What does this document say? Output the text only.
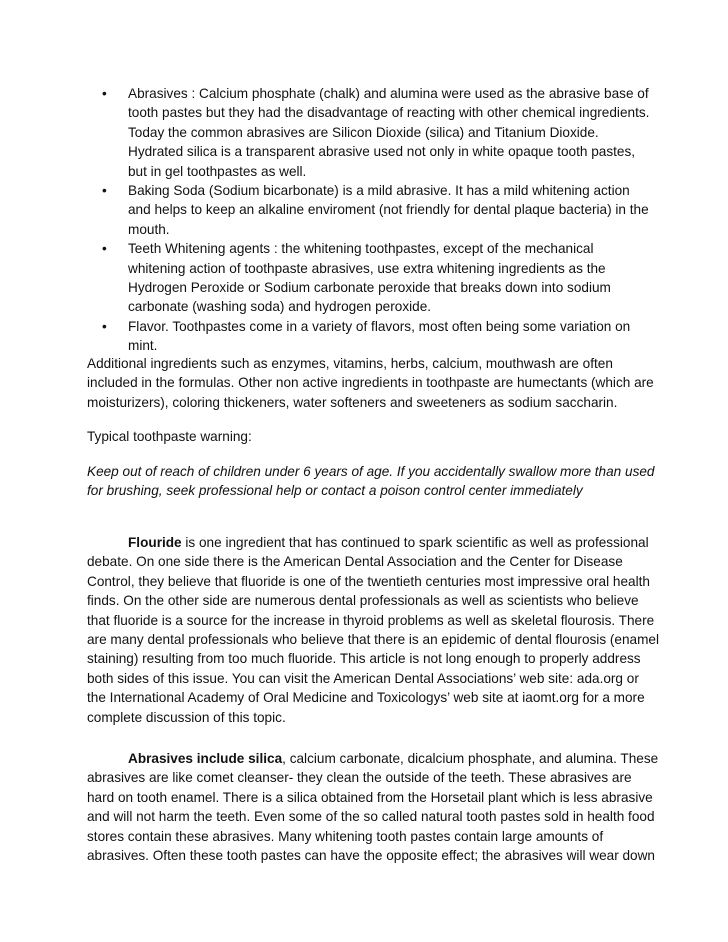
•	Abrasives : Calcium phosphate (chalk) and alumina were used as the abrasive base of tooth pastes but they had the disadvantage of reacting with other chemical ingredients. Today the common abrasives are Silicon Dioxide (silica) and Titanium Dioxide. Hydrated silica is a transparent abrasive used not only in white opaque tooth pastes, but in gel toothpastes as well.
•	Baking Soda (Sodium bicarbonate) is a mild abrasive. It has a mild whitening action and helps to keep an alkaline enviroment (not friendly for dental plaque bacteria) in the mouth.
•	Teeth Whitening agents : the whitening toothpastes, except of the mechanical whitening action of toothpaste abrasives, use extra whitening ingredients as the Hydrogen Peroxide or Sodium carbonate peroxide that breaks down into sodium carbonate (washing soda) and hydrogen peroxide.
•	Flavor. Toothpastes come in a variety of flavors, most often being some variation on mint.

Additional ingredients such as enzymes, vitamins, herbs, calcium, mouthwash are often included in the formulas. Other non active ingredients in toothpaste are humectants (which are moisturizers), coloring thickeners, water softeners and sweeteners as sodium saccharin.

Typical toothpaste warning:

Keep out of reach of children under 6 years of age. If you accidentally swallow more than used for brushing, seek professional help or contact a poison control center immediately

Flouride is one ingredient that has continued to spark scientific as well as professional debate. On one side there is the American Dental Association and the Center for Disease Control, they believe that fluoride is one of the twentieth centuries most impressive oral health finds. On the other side are numerous dental professionals as well as scientists who believe that fluoride is a source for the increase in thyroid problems as well as skeletal flourosis. There are many dental professionals who believe that there is an epidemic of dental flourosis (enamel staining) resulting from too much fluoride. This article is not long enough to properly address both sides of this issue. You can visit the American Dental Associations’ web site: ada.org or the International Academy of Oral Medicine and Toxicologys’ web site at iaomt.org for a more complete discussion of this topic.

Abrasives include silica, calcium carbonate, dicalcium phosphate, and alumina. These abrasives are like comet cleanser- they clean the outside of the teeth. These abrasives are hard on tooth enamel. There is a silica obtained from the Horsetail plant which is less abrasive and will not harm the teeth. Even some of the so called natural tooth pastes sold in health food stores contain these abrasives. Many whitening tooth pastes contain large amounts of abrasives. Often these tooth pastes can have the opposite effect; the abrasives will wear down
